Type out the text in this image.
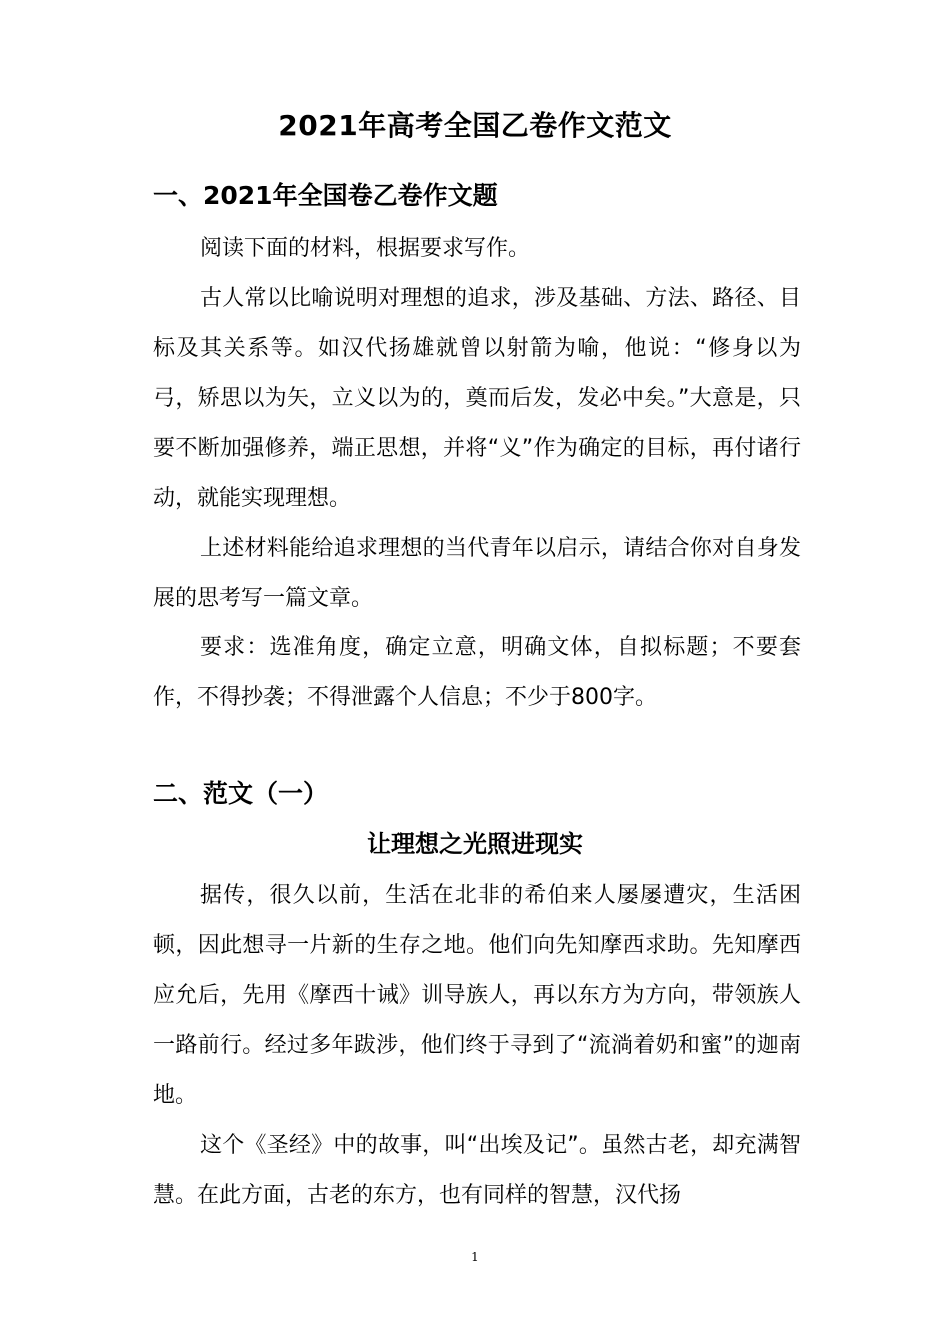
2021年高考全国乙卷作文范文
一、2021年全国卷乙卷作文题

阅读下面的材料，根据要求写作。

古人常以比喻说明对理想的追求，涉及基础、方法、路径、目标及其关系等。如汉代扬雄就曾以射箭为喻，他说：“修身以为弓，矫思以为矢，立义以为的，奠而后发，发必中矣。”大意是，只要不断加强修养，端正思想，并将“义”作为确定的目标，再付诸行动，就能实现理想。

上述材料能给追求理想的当代青年以启示，请结合你对自身发展的思考写一篇文章。

要求：选准角度，确定立意，明确文体，自拟标题；不要套作，不得抄袭；不得泄露个人信息；不少于800字。

二、范文（一）
让理想之光照进现实

据传，很久以前，生活在北非的希伯来人屡屡遭灾，生活困顿，因此想寻一片新的生存之地。他们向先知摩西求助。先知摩西应允后，先用《摩西十诫》训导族人，再以东方为方向，带领族人一路前行。经过多年跋涉，他们终于寻到了“流淌着奶和蜜”的迦南地。

这个《圣经》中的故事，叫“出埃及记”。虽然古老，却充满智慧。在此方面，古老的东方，也有同样的智慧，汉代扬

1
